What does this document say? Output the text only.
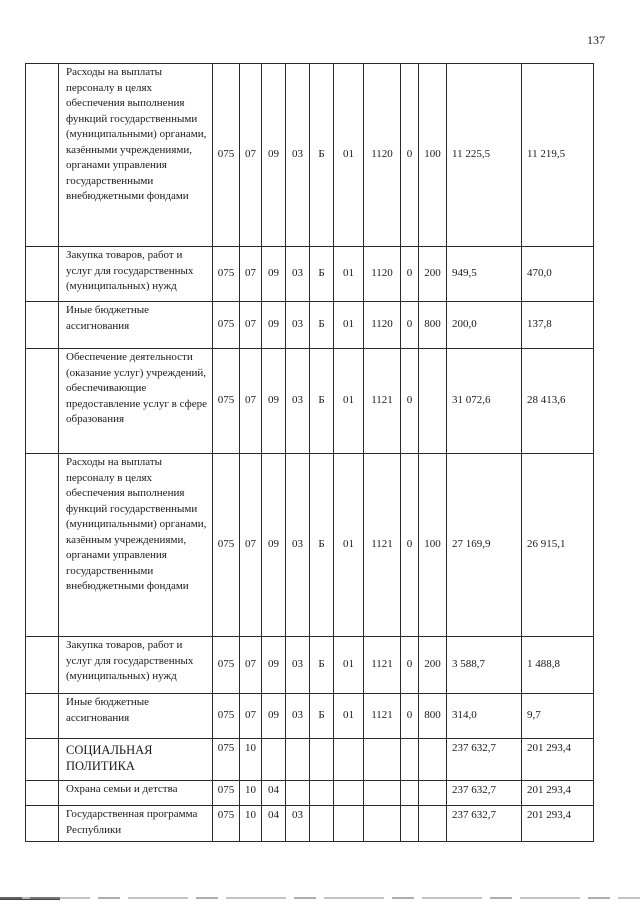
137
	Расходы на выплаты персоналу в целях обеспечения выполнения функций государственными (муниципальными) органами, казёнными учреждениями, органами управления государственными внебюджетными фондами	075	07	09	03	Б	01	1120	0	100	11 225,5	11 219,5
	Закупка товаров, работ и услуг для государственных (муниципальных) нужд	075	07	09	03	Б	01	1120	0	200	949,5	470,0
	Иные бюджетные ассигнования	075	07	09	03	Б	01	1120	0	800	200,0	137,8
	Обеспечение деятельности (оказание услуг) учреждений, обеспечивающие предоставление услуг в сфере образования	075	07	09	03	Б	01	1121	0		31 072,6	28 413,6
	Расходы на выплаты персоналу в целях обеспечения выполнения функций государственными (муниципальными) органами, казённым учреждениями, органами управления государственными внебюджетными фондами	075	07	09	03	Б	01	1121	0	100	27 169,9	26 915,1
	Закупка товаров, работ и услуг для государственных (муниципальных) нужд	075	07	09	03	Б	01	1121	0	200	3 588,7	1 488,8
	Иные бюджетные ассигнования	075	07	09	03	Б	01	1121	0	800	314,0	9,7
	СОЦИАЛЬНАЯ ПОЛИТИКА	075	10								237 632,7	201 293,4
	Охрана семьи и детства	075	10	04							237 632,7	201 293,4
	Государственная программа Республики	075	10	04	03						237 632,7	201 293,4
